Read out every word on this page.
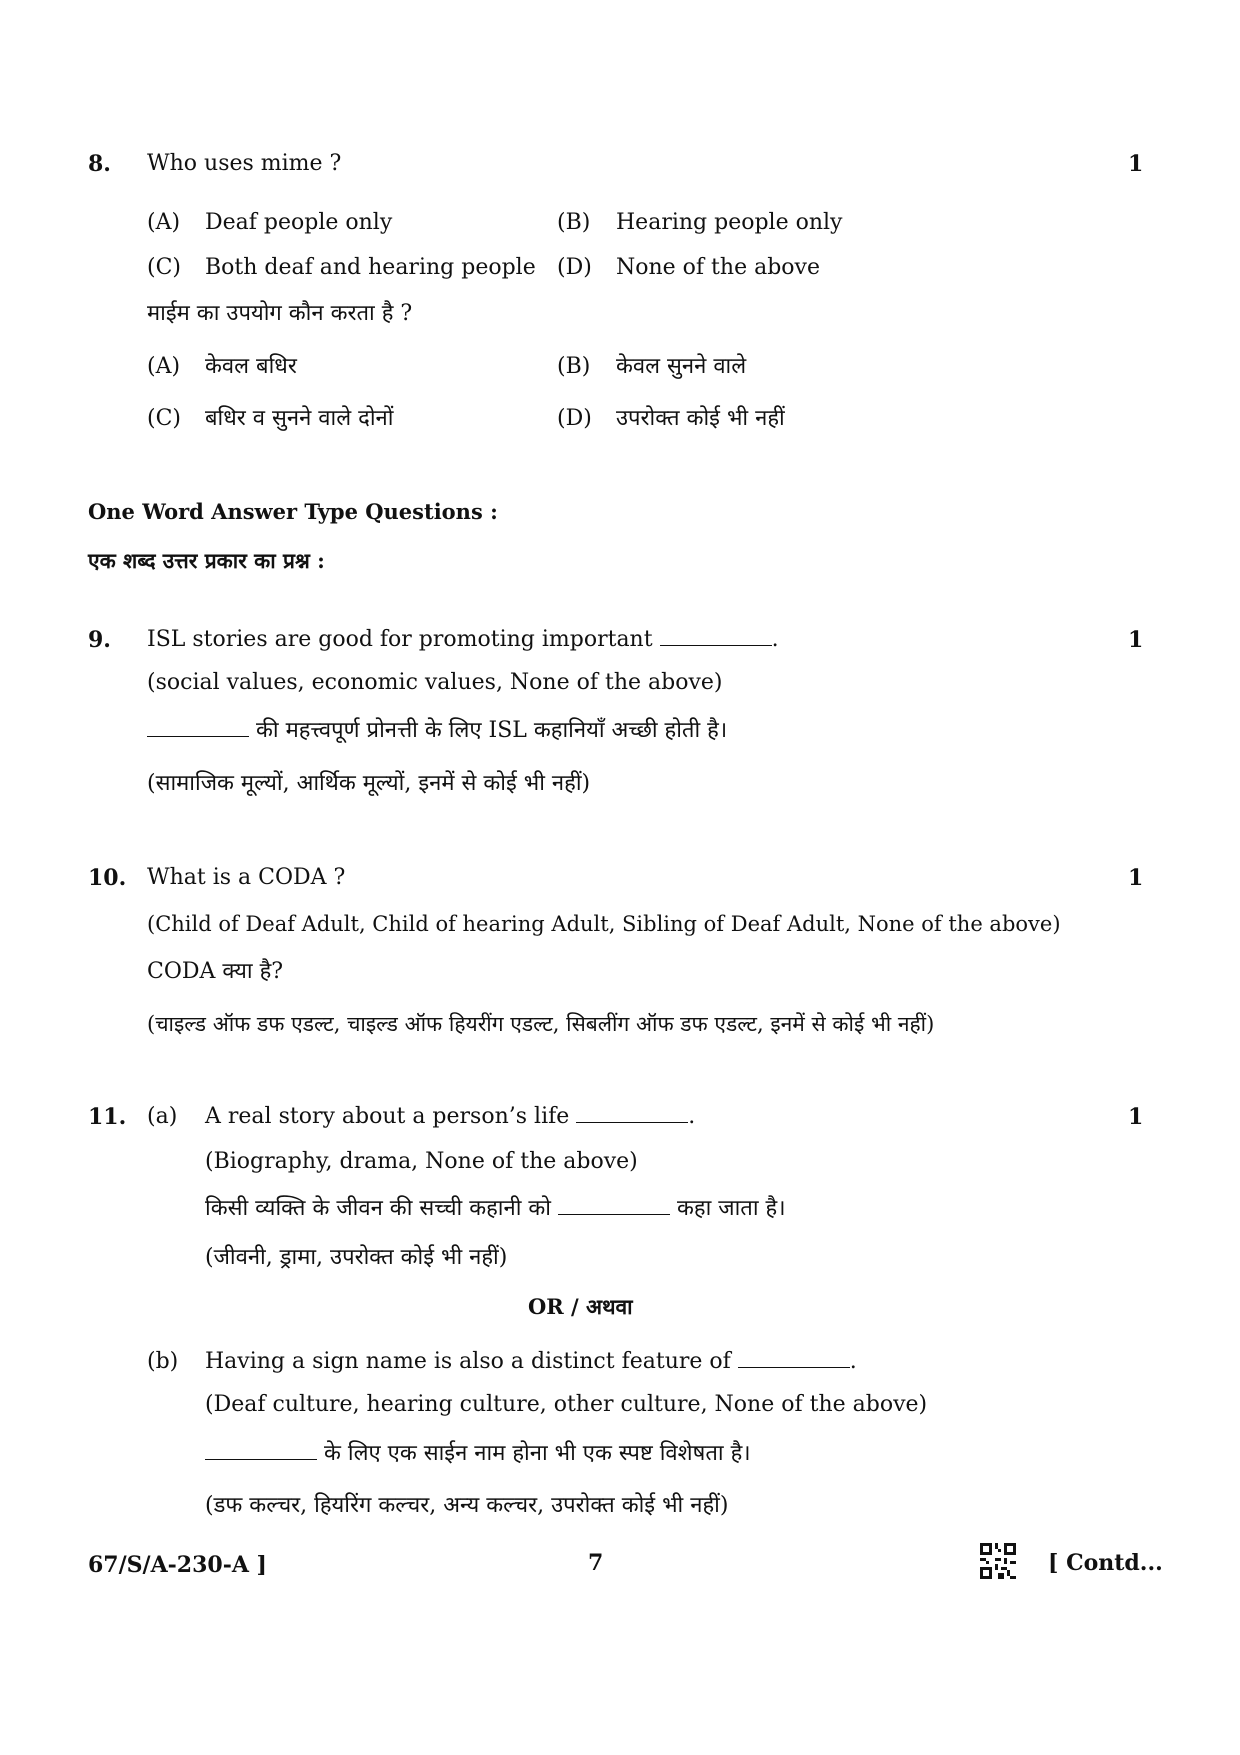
8. Who uses mime ?	1
(A) Deaf people only	(B) Hearing people only
(C) Both deaf and hearing people (D) None of the above
माईम का उपयोग कौन करता है ?
(A) केवल बधिर	(B) केवल सुनने वाले
(C) बधिर व सुनने वाले दोनों	(D) उपरोक्त कोई भी नहीं
One Word Answer Type Questions :
एक शब्द उत्तर प्रकार का प्रश्न :
9. ISL stories are good for promoting important	.	1
(social values, economic values, None of the above)
की महत्त्वपूर्ण प्रोनत्ती के लिए ISL कहानियाँ अच्छी होती है।
(सामाजिक मूल्यों, आर्थिक मूल्यों, इनमें से कोई भी नहीं)
10. What is a CODA ?	1
(Child of Deaf Adult, Child of hearing Adult, Sibling of Deaf Adult, None of the above)
CODA क्या है?
(चाइल्ड ऑफ डफ एडल्ट, चाइल्ड ऑफ हियरींग एडल्ट, सिबलींग ऑफ डफ एडल्ट, इनमें से कोई भी नहीं)
11. (a) A real story about a person’s life	.	1
(Biography, drama, None of the above)
किसी व्यक्ति के जीवन की सच्ची कहानी को	कहा जाता है।
(जीवनी, ड्रामा, उपरोक्त कोई भी नहीं)
OR / अथवा
(b) Having a sign name is also a distinct feature of	.
(Deaf culture, hearing culture, other culture, None of the above)
के लिए एक साईन नाम होना भी एक स्पष्ट विशेषता है।
(डफ कल्चर, हियरिंग कल्चर, अन्य कल्चर, उपरोक्त कोई भी नहीं)
67/S/A-230-A ]	7	[ Contd...
